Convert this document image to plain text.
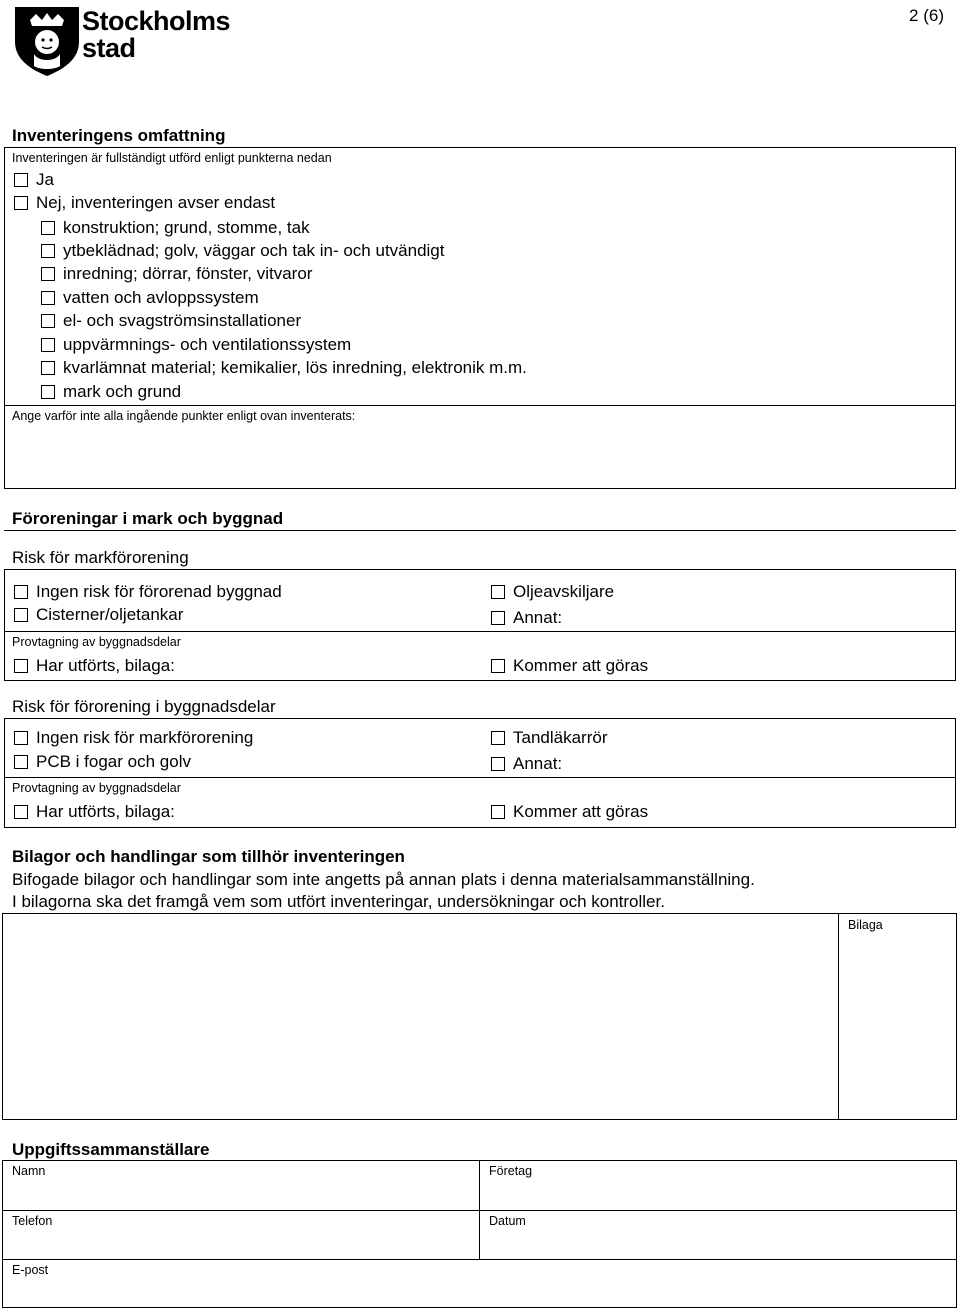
Stockholms
stad
2 (6)
Inventeringens omfattning
Inventeringen är fullständigt utförd enligt punkterna nedan
Ja
Nej, inventeringen avser endast
konstruktion; grund, stomme, tak
ytbeklädnad; golv, väggar och tak in- och utvändigt
inredning; dörrar, fönster, vitvaror
vatten och avloppssystem
el- och svagströmsinstallationer
uppvärmnings- och ventilationssystem
kvarlämnat material; kemikalier, lös inredning, elektronik m.m.
mark och grund
Ange varför inte alla ingående punkter enligt ovan inventerats:
Föroreningar i mark och byggnad
Risk för markförorening
Ingen risk för förorenad byggnad
Cisterner/oljetankar
Oljeavskiljare
Annat:
Provtagning av byggnadsdelar
Har utförts, bilaga:	Kommer att göras
Risk för förorening i byggnadsdelar
Ingen risk för markförorening
PCB i fogar och golv
Tandläkarrör
Annat:
Provtagning av byggnadsdelar
Har utförts, bilaga:	Kommer att göras
Bilagor och handlingar som tillhör inventeringen
Bifogade bilagor och handlingar som inte angetts på annan plats i denna materialsammanställning.
I bilagorna ska det framgå vem som utfört inventeringar, undersökningar och kontroller.
Bilaga
Uppgiftssammanställare
Namn	Företag
Telefon	Datum
E-post
